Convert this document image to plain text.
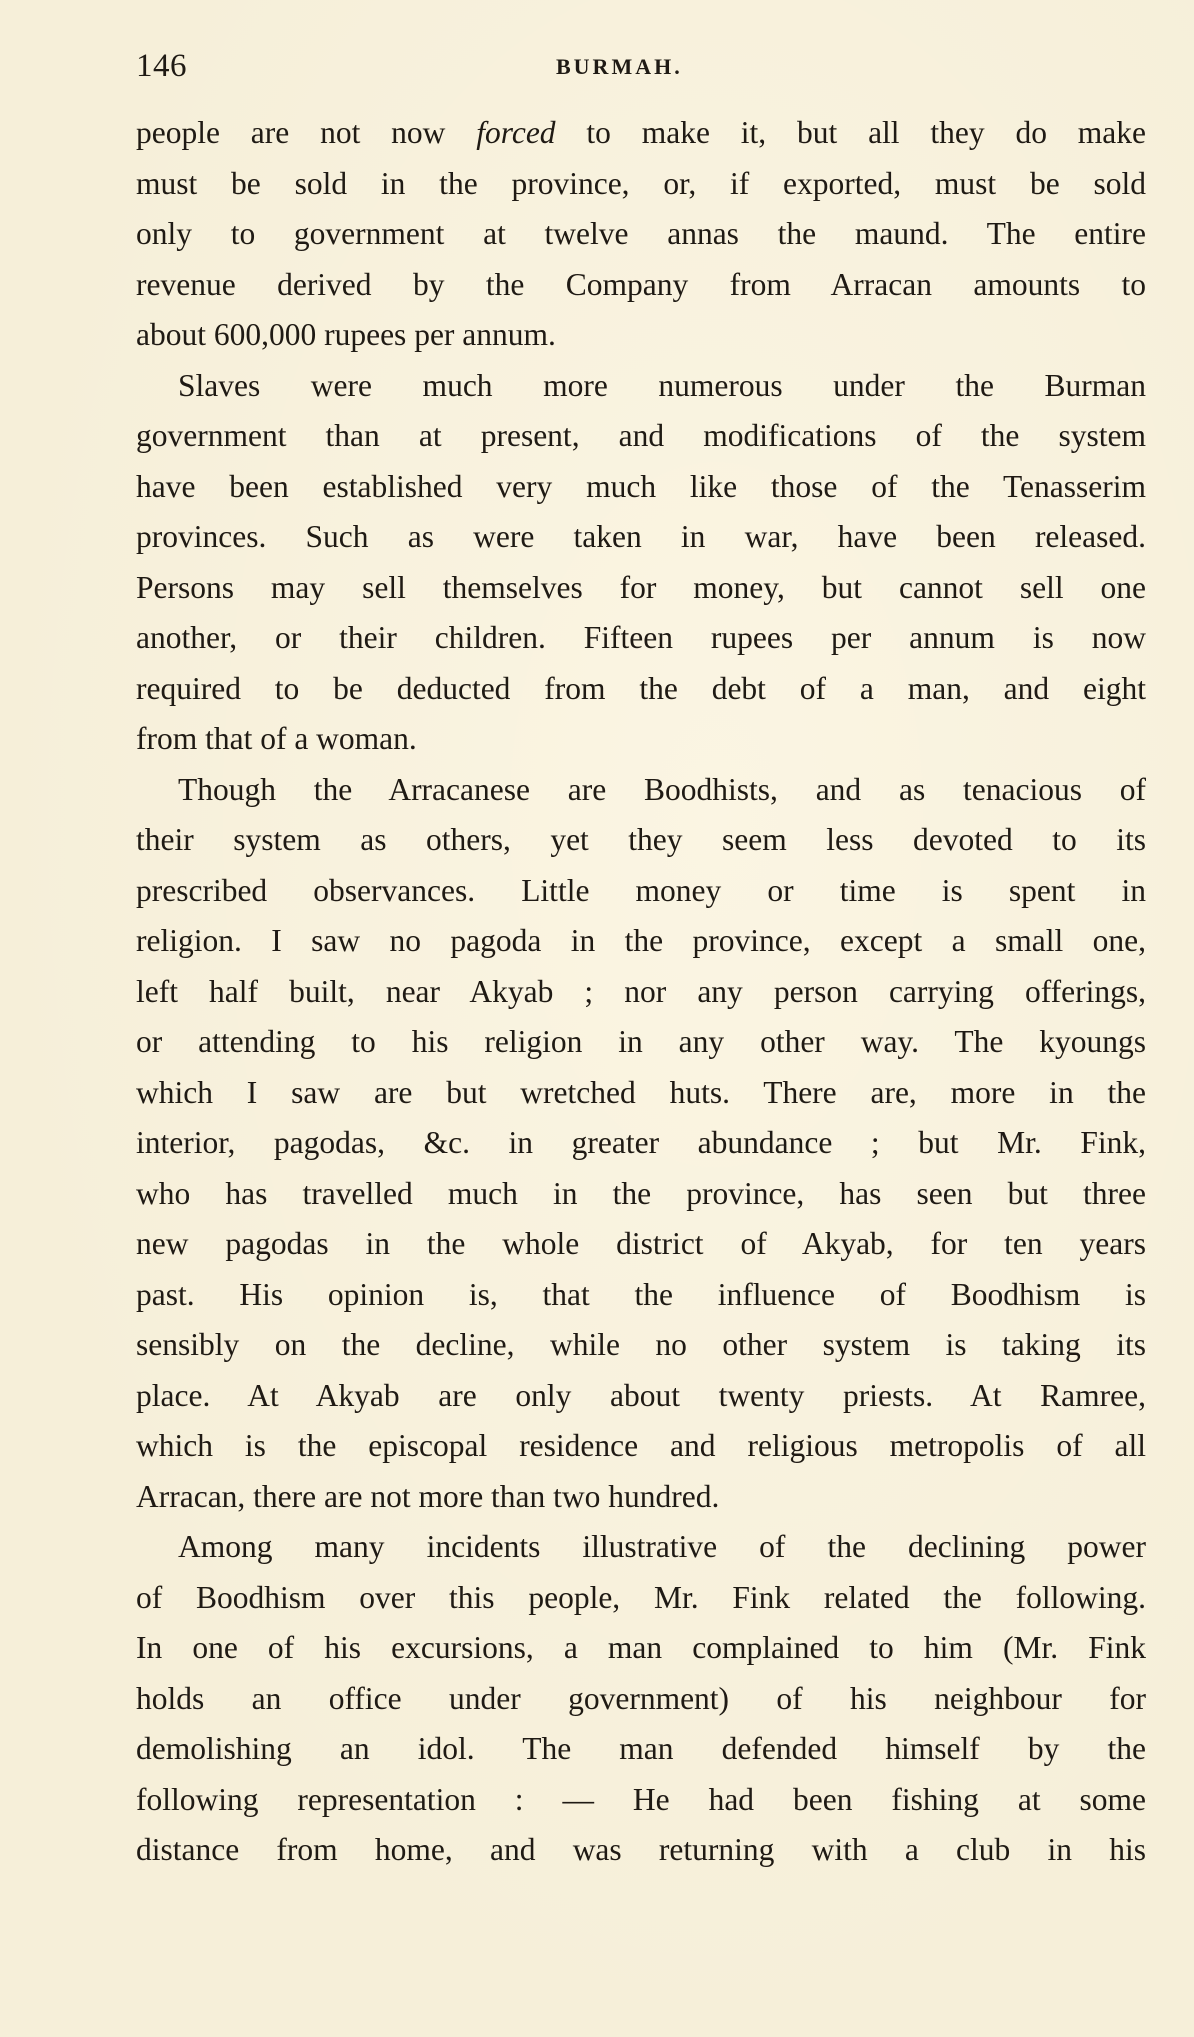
146	BURMAH.
people are not now forced to make it, but all they do make
must be sold in the province, or, if exported, must be sold
only to government at twelve annas the maund. The entire
revenue derived by the Company from Arracan amounts to
about 600,000 rupees per annum.
Slaves were much more numerous under the Burman
government than at present, and modifications of the system
have been established very much like those of the Tenasserim
provinces. Such as were taken in war, have been released.
Persons may sell themselves for money, but cannot sell one
another, or their children. Fifteen rupees per annum is now
required to be deducted from the debt of a man, and eight
from that of a woman.
Though the Arracanese are Boodhists, and as tenacious of
their system as others, yet they seem less devoted to its
prescribed observances. Little money or time is spent in
religion. I saw no pagoda in the province, except a small one,
left half built, near Akyab ; nor any person carrying offerings,
or attending to his religion in any other way. The kyoungs
which I saw are but wretched huts. There are, more in the
interior, pagodas, &c. in greater abundance ; but Mr. Fink,
who has travelled much in the province, has seen but three
new pagodas in the whole district of Akyab, for ten years
past. His opinion is, that the influence of Boodhism is
sensibly on the decline, while no other system is taking its
place. At Akyab are only about twenty priests. At Ramree,
which is the episcopal residence and religious metropolis of all
Arracan, there are not more than two hundred.
Among many incidents illustrative of the declining power
of Boodhism over this people, Mr. Fink related the following.
In one of his excursions, a man complained to him (Mr. Fink
holds an office under government) of his neighbour for
demolishing an idol. The man defended himself by the
following representation : — He had been fishing at some
distance from home, and was returning with a club in his
